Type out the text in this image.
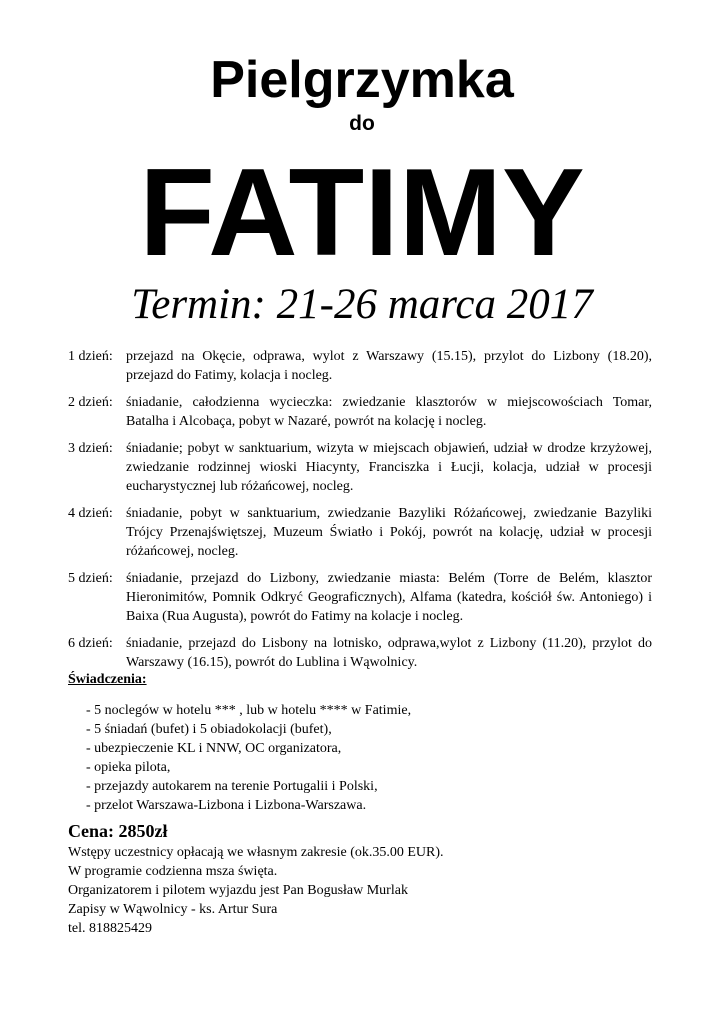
Pielgrzymka
do
FATIMY
Termin: 21-26 marca 2017
1 dzień: przejazd na Okęcie, odprawa, wylot z Warszawy (15.15), przylot do Lizbony (18.20), przejazd do Fatimy, kolacja i nocleg.
2 dzień: śniadanie, całodzienna wycieczka: zwiedzanie klasztorów w miejscowościach Tomar, Batalha i Alcobaça, pobyt w Nazaré, powrót na kolację i nocleg.
3 dzień: śniadanie; pobyt w sanktuarium, wizyta w miejscach objawień, udział w drodze krzyżowej, zwiedzanie rodzinnej wioski Hiacynty, Franciszka i Łucji, kolacja, udział w procesji eucharystycznej lub różańcowej, nocleg.
4 dzień: śniadanie, pobyt w sanktuarium, zwiedzanie Bazyliki Różańcowej, zwiedzanie Bazyliki Trójcy Przenajświętszej, Muzeum Światło i Pokój, powrót na kolację, udział w procesji różańcowej, nocleg.
5 dzień: śniadanie, przejazd do Lizbony, zwiedzanie miasta: Belém (Torre de Belém, klasztor Hieronimitów, Pomnik Odkryć Geograficznych), Alfama (katedra, kościół św. Antoniego) i Baixa (Rua Augusta), powrót do Fatimy na kolacje i nocleg.
6 dzień: śniadanie, przejazd do Lisbony na lotnisko, odprawa,wylot z Lizbony (11.20), przylot do Warszawy (16.15), powrót do Lublina i Wąwolnicy.
Świadczenia:
- 5 noclegów w hotelu *** , lub w hotelu **** w Fatimie,
- 5 śniadań (bufet) i 5 obiadokolacji (bufet),
- ubezpieczenie KL i NNW, OC organizatora,
- opieka pilota,
- przejazdy autokarem na terenie Portugalii i Polski,
- przelot Warszawa-Lizbona i Lizbona-Warszawa.
Cena: 2850zł
Wstępy uczestnicy opłacają we własnym zakresie (ok.35.00 EUR).
W programie codzienna msza święta.
Organizatorem i pilotem wyjazdu jest Pan Bogusław Murlak
Zapisy w Wąwolnicy - ks. Artur Sura
tel. 818825429
